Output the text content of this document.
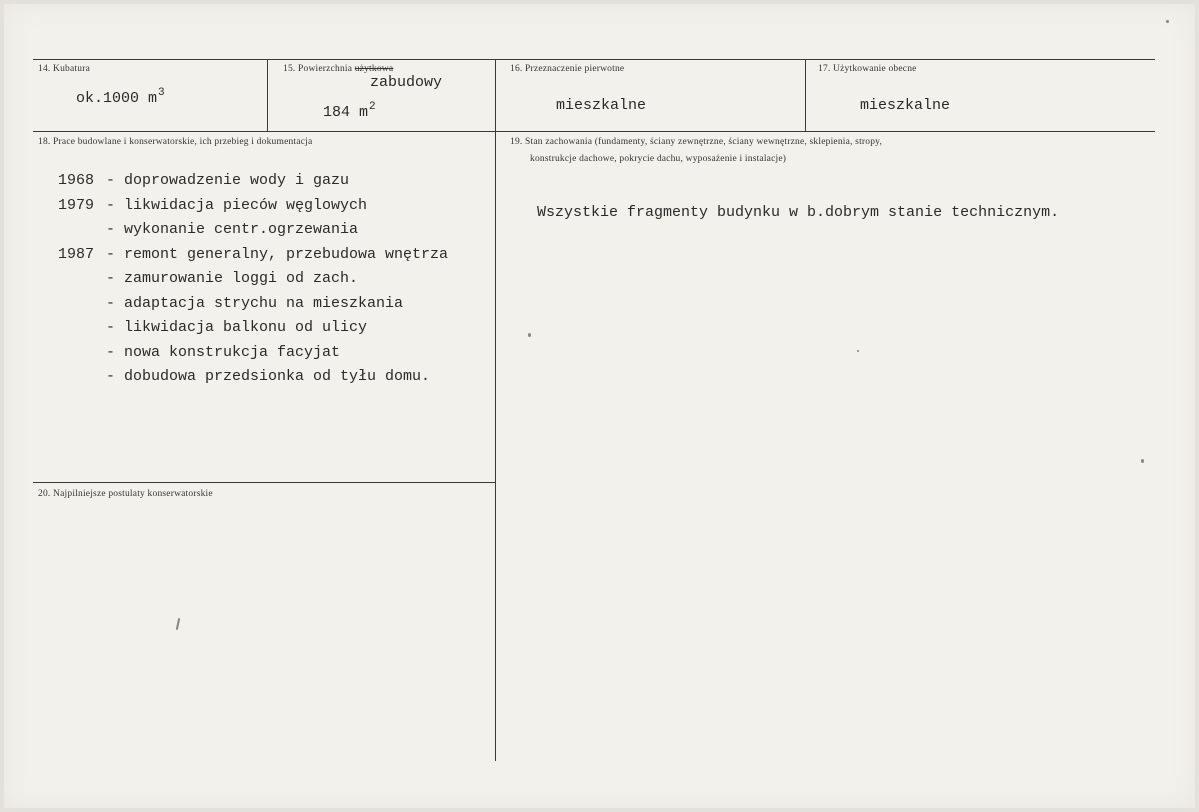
14. Kubatura
ok.1000 $m^3$
15. Powierzchnia użytkowa
zabudowy
184 $m^2$
16. Przeznaczenie pierwotne
mieszkalne
17. Użytkowanie obecne
mieszkalne
18. Prace budowlane i konserwatorskie, ich przebieg i dokumentacja
1968 - doprowadzenie wody i gazu
1979 - likwidacja pieców węglowych
- wykonanie centr.ogrzewania
1987 - remont generalny, przebudowa wnętrza
- zamurowanie loggi od zach.
- adaptacja strychu na mieszkania
- likwidacja balkonu od ulicy
- nowa konstrukcja facyjat
- dobudowa przedsionka od tyłu domu.
19. Stan zachowania (fundamenty, ściany zewnętrzne, ściany wewnętrzne, sklepienia, stropy,
konstrukcje dachowe, pokrycie dachu, wyposażenie i instalacje)
Wszystkie fragmenty budynku w b.dobrym stanie technicznym.
20. Najpilniejsze postulaty konserwatorskie
